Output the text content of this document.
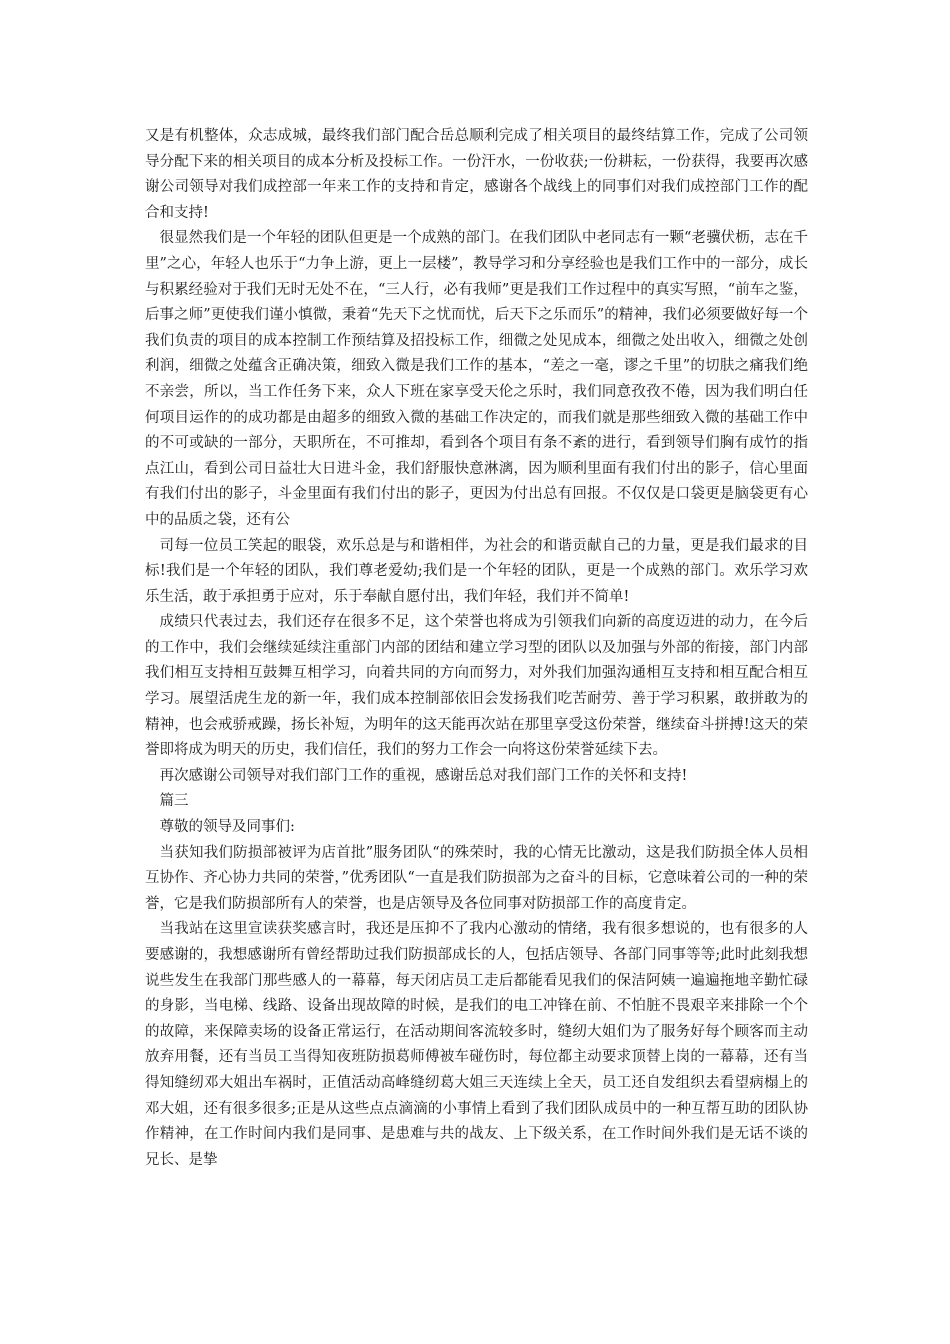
又是有机整体，众志成城，最终我们部门配合岳总顺利完成了相关项目的最终结算工作，完成了公司领导分配下来的相关项目的成本分析及投标工作。一份汗水，一份收获;一份耕耘，一份获得，我要再次感谢公司领导对我们成控部一年来工作的支持和肯定，感谢各个战线上的同事们对我们成控部门工作的配合和支持!

很显然我们是一个年轻的团队但更是一个成熟的部门。在我们团队中老同志有一颗“老骥伏枥，志在千里”之心，年轻人也乐于“力争上游，更上一层楼”，教导学习和分享经验也是我们工作中的一部分，成长与积累经验对于我们无时无处不在，“三人行，必有我师”更是我们工作过程中的真实写照，“前车之鉴，后事之师”更使我们谨小慎微，秉着“先天下之忧而忧，后天下之乐而乐”的精神，我们必须要做好每一个我们负责的项目的成本控制工作预结算及招投标工作，细微之处见成本，细微之处出收入，细微之处创利润，细微之处蕴含正确决策，细致入微是我们工作的基本，“差之一毫，谬之千里”的切肤之痛我们绝不亲尝，所以，当工作任务下来，众人下班在家享受天伦之乐时，我们同意孜孜不倦，因为我们明白任何项目运作的的成功都是由超多的细致入微的基础工作决定的，而我们就是那些细致入微的基础工作中的不可或缺的一部分，天职所在，不可推却，看到各个项目有条不紊的进行，看到领导们胸有成竹的指点江山，看到公司日益壮大日进斗金，我们舒服快意淋漓，因为顺利里面有我们付出的影子，信心里面有我们付出的影子，斗金里面有我们付出的影子，更因为付出总有回报。不仅仅是口袋更是脑袋更有心中的品质之袋，还有公

司每一位员工笑起的眼袋，欢乐总是与和谐相伴，为社会的和谐贡献自己的力量，更是我们最求的目标!我们是一个年轻的团队，我们尊老爱幼;我们是一个年轻的团队，更是一个成熟的部门。欢乐学习欢乐生活，敢于承担勇于应对，乐于奉献自愿付出，我们年轻，我们并不简单!

成绩只代表过去，我们还存在很多不足，这个荣誉也将成为引领我们向新的高度迈进的动力，在今后的工作中，我们会继续延续注重部门内部的团结和建立学习型的团队以及加强与外部的衔接，部门内部我们相互支持相互鼓舞互相学习，向着共同的方向而努力，对外我们加强沟通相互支持和相互配合相互学习。展望活虎生龙的新一年，我们成本控制部依旧会发扬我们吃苦耐劳、善于学习积累，敢拼敢为的精神，也会戒骄戒躁，扬长补短，为明年的这天能再次站在那里享受这份荣誉，继续奋斗拼搏!这天的荣誉即将成为明天的历史，我们信任，我们的努力工作会一向将这份荣誉延续下去。

再次感谢公司领导对我们部门工作的重视，感谢岳总对我们部门工作的关怀和支持!

篇三

尊敬的领导及同事们:

当获知我们防损部被评为店首批”服务团队“的殊荣时，我的心情无比激动，这是我们防损全体人员相互协作、齐心协力共同的荣誉，”优秀团队“一直是我们防损部为之奋斗的目标，它意味着公司的一种的荣誉，它是我们防损部所有人的荣誉，也是店领导及各位同事对防损部工作的高度肯定。

当我站在这里宣读获奖感言时，我还是压抑不了我内心激动的情绪，我有很多想说的，也有很多的人要感谢的，我想感谢所有曾经帮助过我们防损部成长的人，包括店领导、各部门同事等等;此时此刻我想说些发生在我部门那些感人的一幕幕，每天闭店员工走后都能看见我们的保洁阿姨一遍遍拖地辛勤忙碌的身影，当电梯、线路、设备出现故障的时候，是我们的电工冲锋在前、不怕脏不畏艰辛来排除一个个的故障，来保障卖场的设备正常运行，在活动期间客流较多时，缝纫大姐们为了服务好每个顾客而主动放弃用餐，还有当员工当得知夜班防损葛师傅被车碰伤时，每位都主动要求顶替上岗的一幕幕，还有当得知缝纫邓大姐出车祸时，正值活动高峰缝纫葛大姐三天连续上全天，员工还自发组织去看望病榻上的邓大姐，还有很多很多;正是从这些点点滴滴的小事情上看到了我们团队成员中的一种互帮互助的团队协作精神，在工作时间内我们是同事、是患难与共的战友、上下级关系，在工作时间外我们是无话不谈的兄长、是挚
